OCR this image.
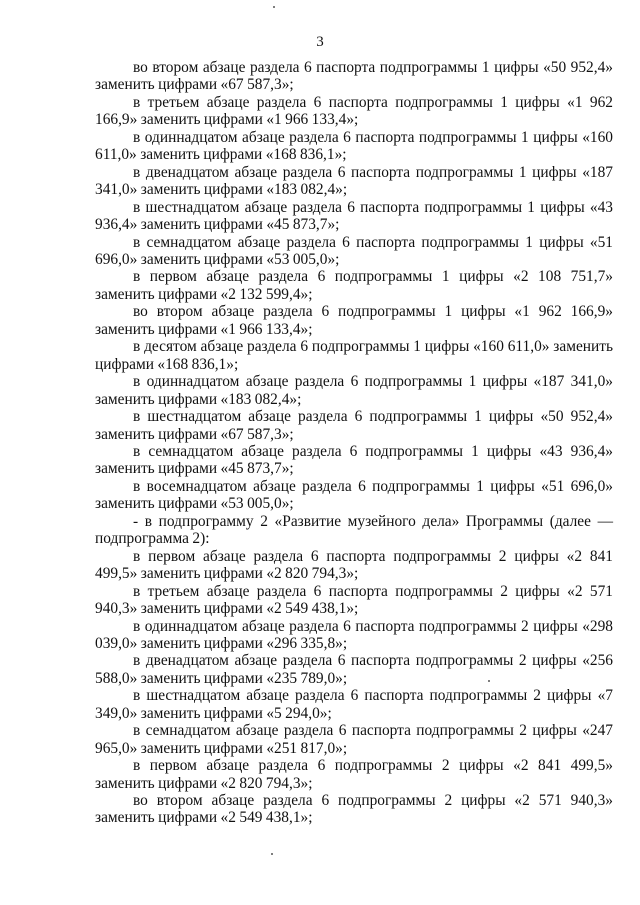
3

во втором абзаце раздела 6 паспорта подпрограммы 1 цифры «50 952,4» заменить цифрами «67 587,3»;

в третьем абзаце раздела 6 паспорта подпрограммы 1 цифры «1 962 166,9» заменить цифрами «1 966 133,4»;

в одиннадцатом абзаце раздела 6 паспорта подпрограммы 1 цифры «160 611,0» заменить цифрами «168 836,1»;

в двенадцатом абзаце раздела 6 паспорта подпрограммы 1 цифры «187 341,0» заменить цифрами «183 082,4»;

в шестнадцатом абзаце раздела 6 паспорта подпрограммы 1 цифры «43 936,4» заменить цифрами «45 873,7»;

в семнадцатом абзаце раздела 6 паспорта подпрограммы 1 цифры «51 696,0» заменить цифрами «53 005,0»;

в первом абзаце раздела 6 подпрограммы 1 цифры «2 108 751,7» заменить цифрами «2 132 599,4»;

во втором абзаце раздела 6 подпрограммы 1 цифры «1 962 166,9» заменить цифрами «1 966 133,4»;

в десятом абзаце раздела 6 подпрограммы 1 цифры «160 611,0» заменить цифрами «168 836,1»;

в одиннадцатом абзаце раздела 6 подпрограммы 1 цифры «187 341,0» заменить цифрами «183 082,4»;

в шестнадцатом абзаце раздела 6 подпрограммы 1 цифры «50 952,4» заменить цифрами «67 587,3»;

в семнадцатом абзаце раздела 6 подпрограммы 1 цифры «43 936,4» заменить цифрами «45 873,7»;

в восемнадцатом абзаце раздела 6 подпрограммы 1 цифры «51 696,0» заменить цифрами «53 005,0»;

- в подпрограмму 2 «Развитие музейного дела» Программы (далее — подпрограмма 2):

в первом абзаце раздела 6 паспорта подпрограммы 2 цифры «2 841 499,5» заменить цифрами «2 820 794,3»;

в третьем абзаце раздела 6 паспорта подпрограммы 2 цифры «2 571 940,3» заменить цифрами «2 549 438,1»;

в одиннадцатом абзаце раздела 6 паспорта подпрограммы 2 цифры «298 039,0» заменить цифрами «296 335,8»;

в двенадцатом абзаце раздела 6 паспорта подпрограммы 2 цифры «256 588,0» заменить цифрами «235 789,0»;

в шестнадцатом абзаце раздела 6 паспорта подпрограммы 2 цифры «7 349,0» заменить цифрами «5 294,0»;

в семнадцатом абзаце раздела 6 паспорта подпрограммы 2 цифры «247 965,0» заменить цифрами «251 817,0»;

в первом абзаце раздела 6 подпрограммы 2 цифры «2 841 499,5» заменить цифрами «2 820 794,3»;

во втором абзаце раздела 6 подпрограммы 2 цифры «2 571 940,3» заменить цифрами «2 549 438,1»;
